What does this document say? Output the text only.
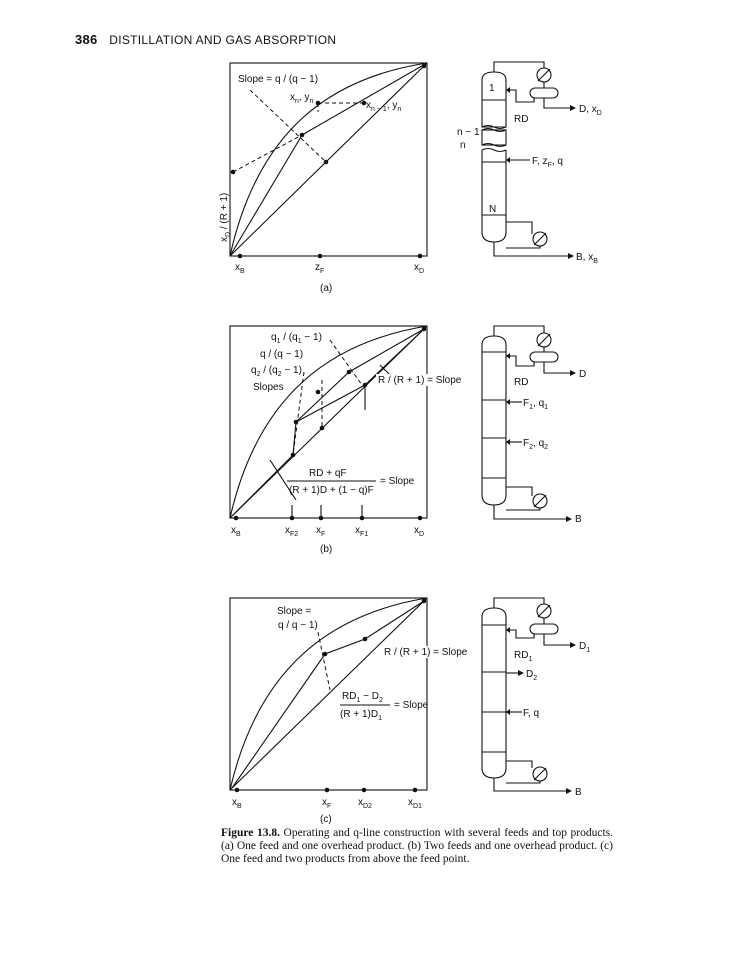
386 DISTILLATION AND GAS ABSORPTION
Slope = q / (q − 1)
$x_n$, $y_n$	$x_{n - 1}$, $y_n$
$x_D / (R + 1)$
$x_B$	$z_F$	$x_D$
(a)
1
n − 1
n
N
RD
D, $x_D$
F, $z_F$, q
B, $x_B$
$q_1 / (q_1 - 1)$
q / (q − 1)
$q_2 / (q_2 - 1)$
Slopes
R / (R + 1) = Slope
RD + qF
(R + 1)D + (1 − q)F
= Slope
$x_B$	$x_{F2}$ $x_F$	$x_{F1}$	$x_D$
(b)
RD
D
$F_1$, $q_1$
$F_2$, $q_2$
B
Slope =
q / q − 1)
R / (R + 1) = Slope
$RD_1 - D_2$
$(R + 1)D_1$
= Slope
$x_B$	$x_F$	$x_{D2}$	$x_{D1}$
(c)
$RD_1$
$D_1$
$D_2$
F, q
B
Figure 13.8. Operating and q-line construction with several feeds and top products. (a) One feed and one overhead product. (b) Two feeds and one overhead product. (c) One feed and two products from above the feed point.
